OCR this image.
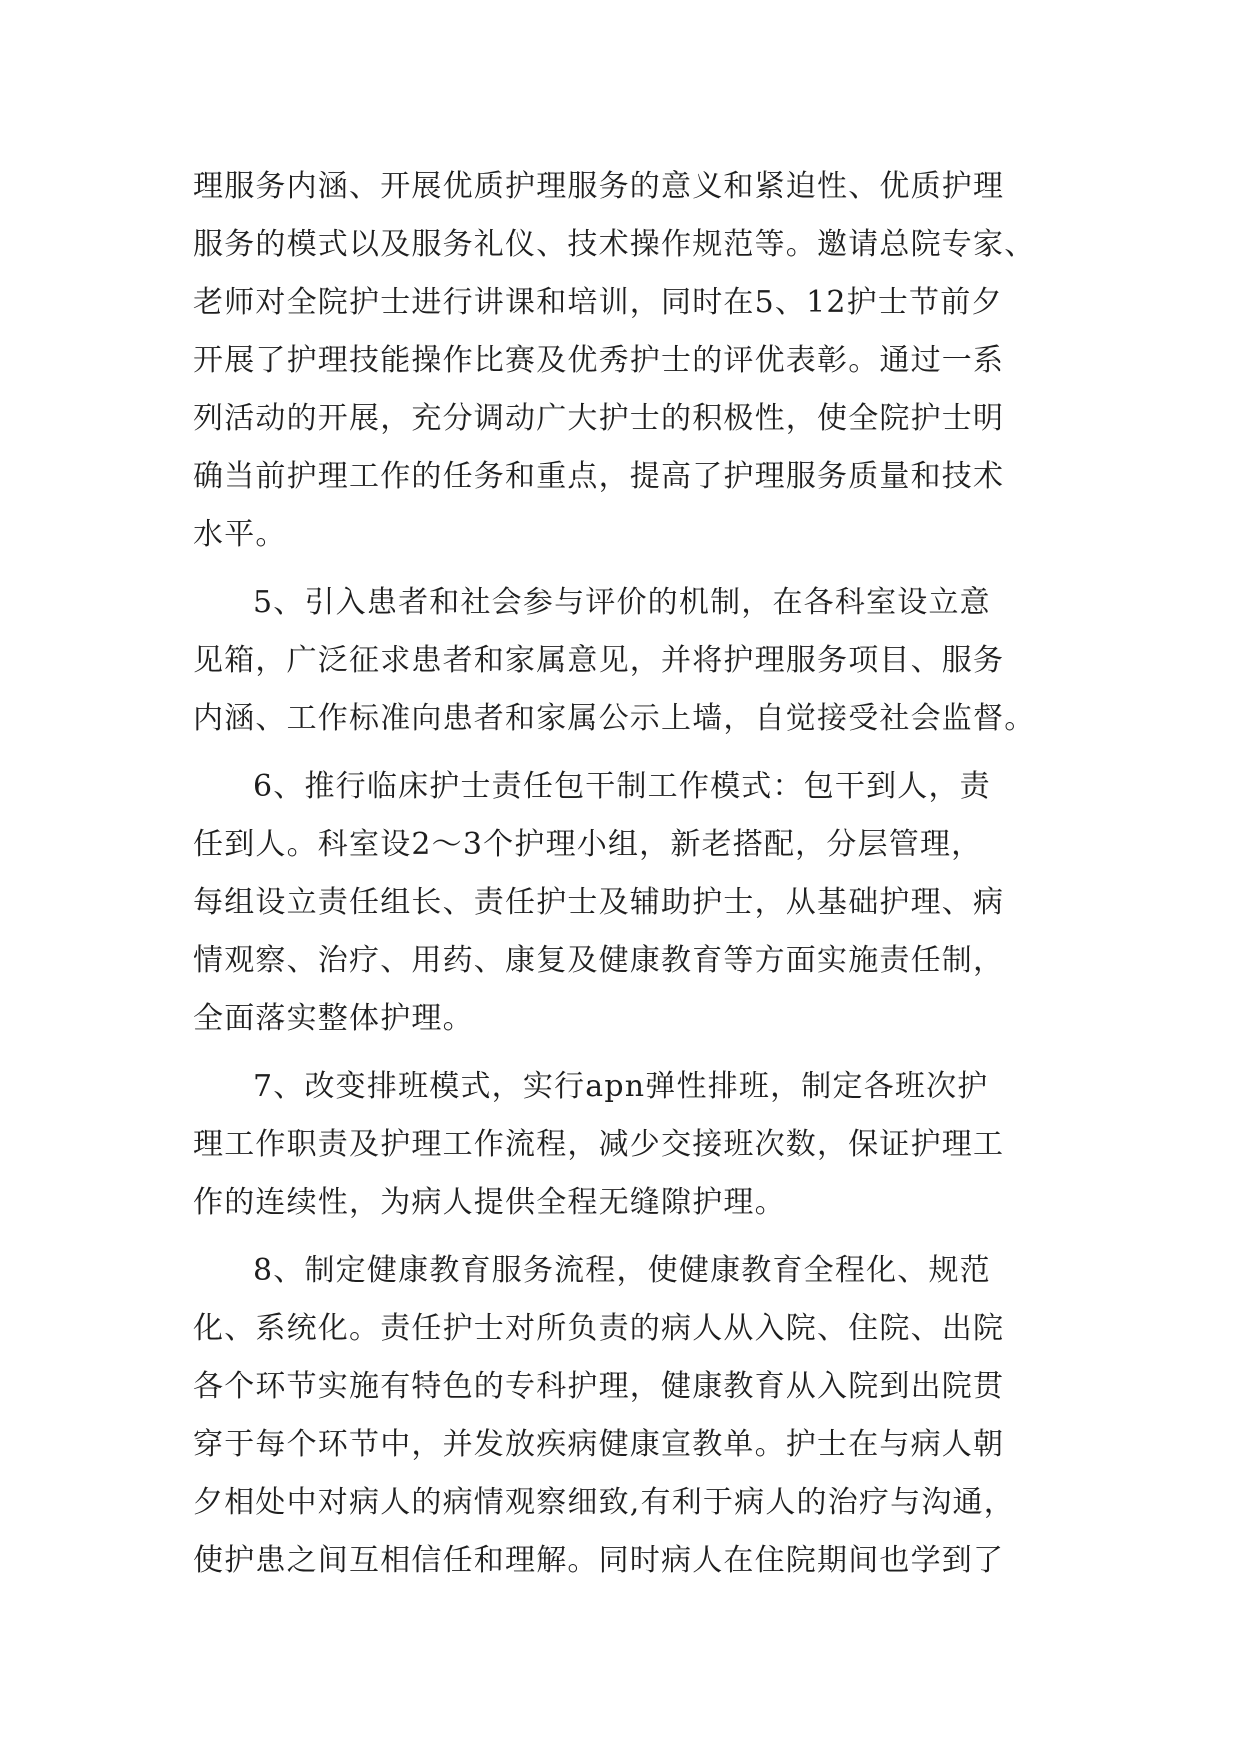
理服务内涵、开展优质护理服务的意义和紧迫性、优质护理
服务的模式以及服务礼仪、技术操作规范等。邀请总院专家、
老师对全院护士进行讲课和培训，同时在5、12护士节前夕
开展了护理技能操作比赛及优秀护士的评优表彰。通过一系
列活动的开展，充分调动广大护士的积极性，使全院护士明
确当前护理工作的任务和重点，提高了护理服务质量和技术
水平。
5、引入患者和社会参与评价的机制，在各科室设立意
见箱，广泛征求患者和家属意见，并将护理服务项目、服务
内涵、工作标准向患者和家属公示上墙，自觉接受社会监督。
6、推行临床护士责任包干制工作模式：包干到人，责
任到人。科室设2～3个护理小组，新老搭配，分层管理，
每组设立责任组长、责任护士及辅助护士，从基础护理、病
情观察、治疗、用药、康复及健康教育等方面实施责任制，
全面落实整体护理。
7、改变排班模式，实行apn弹性排班，制定各班次护
理工作职责及护理工作流程，减少交接班次数，保证护理工
作的连续性，为病人提供全程无缝隙护理。
8、制定健康教育服务流程，使健康教育全程化、规范
化、系统化。责任护士对所负责的病人从入院、住院、出院
各个环节实施有特色的专科护理，健康教育从入院到出院贯
穿于每个环节中，并发放疾病健康宣教单。护士在与病人朝
夕相处中对病人的病情观察细致,有利于病人的治疗与沟通，
使护患之间互相信任和理解。同时病人在住院期间也学到了
